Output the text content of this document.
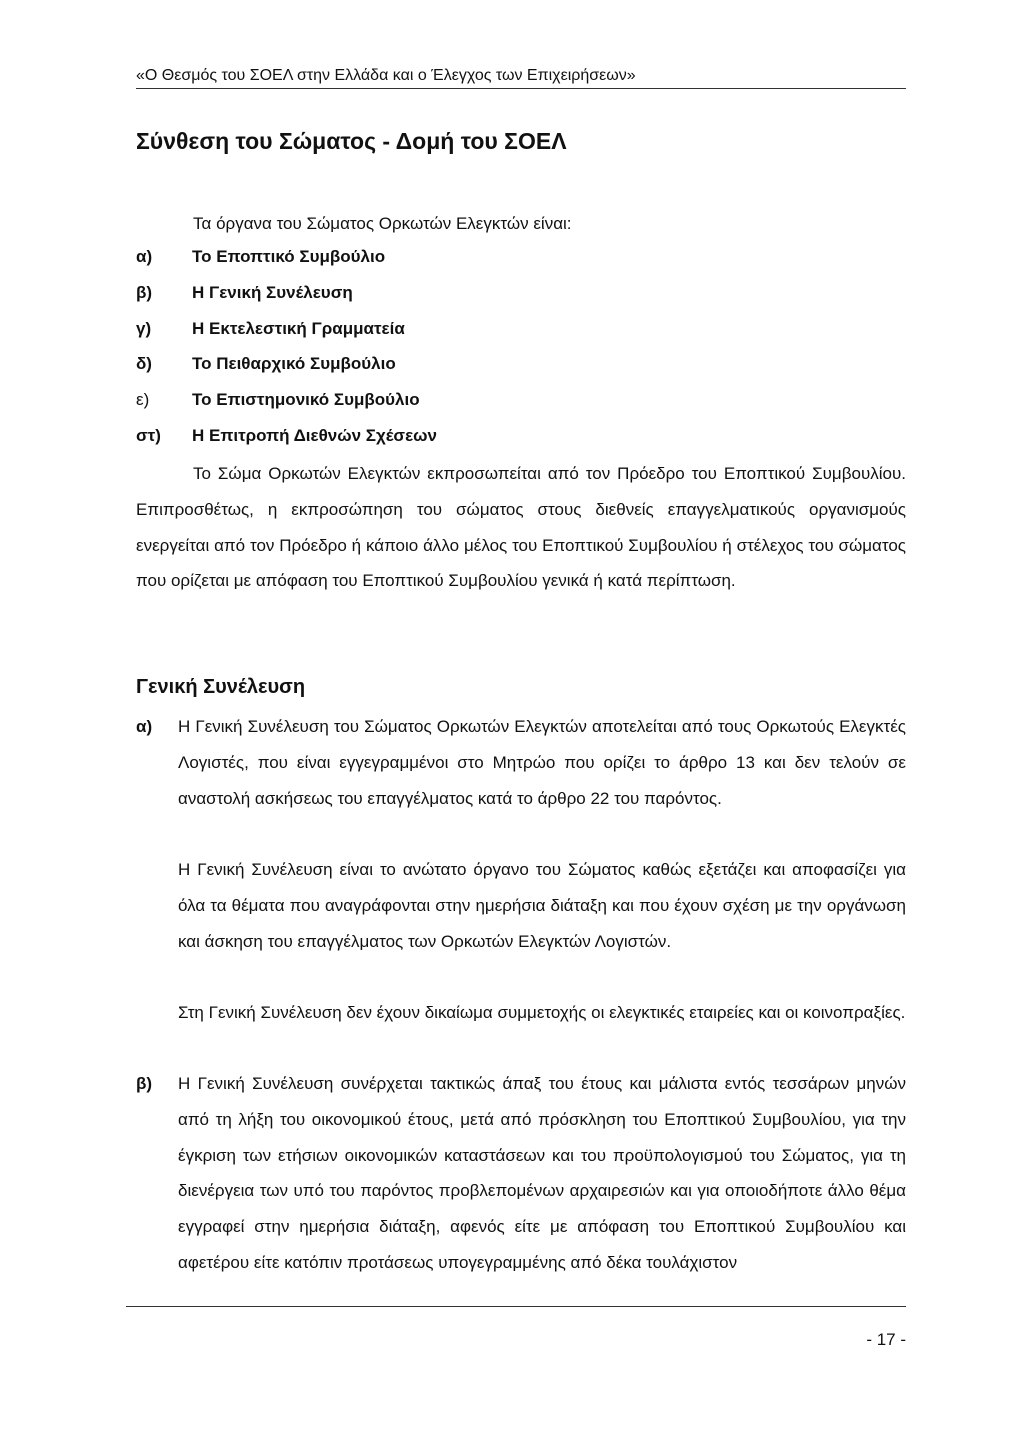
«Ο Θεσμός του ΣΟΕΛ στην Ελλάδα και ο Έλεγχος των Επιχειρήσεων»
Σύνθεση του Σώματος - Δομή του ΣΟΕΛ
Τα όργανα του Σώματος Ορκωτών Ελεγκτών είναι:
α)	Το Εποπτικό Συμβούλιο
β)	Η Γενική Συνέλευση
γ)	Η Εκτελεστική Γραμματεία
δ)	Το Πειθαρχικό Συμβούλιο
ε)	Το Επιστημονικό Συμβούλιο
στ)	Η Επιτροπή Διεθνών Σχέσεων

Το Σώμα Ορκωτών Ελεγκτών εκπροσωπείται από τον Πρόεδρο του Εποπτικού Συμβουλίου. Επιπροσθέτως, η εκπροσώπηση του σώματος στους διεθνείς επαγγελματικούς οργανισμούς ενεργείται από τον Πρόεδρο ή κάποιο άλλο μέλος του Εποπτικού Συμβουλίου ή στέλεχος του σώματος που ορίζεται με απόφαση του Εποπτικού Συμβουλίου γενικά ή κατά περίπτωση.

Γενική Συνέλευση
α) Η Γενική Συνέλευση του Σώματος Ορκωτών Ελεγκτών αποτελείται από τους Ορκωτούς Ελεγκτές Λογιστές, που είναι εγγεγραμμένοι στο Μητρώο που ορίζει το άρθρο 13 και δεν τελούν σε αναστολή ασκήσεως του επαγγέλματος κατά το άρθρο 22 του παρόντος.
Η Γενική Συνέλευση είναι το ανώτατο όργανο του Σώματος καθώς εξετάζει και αποφασίζει για όλα τα θέματα που αναγράφονται στην ημερήσια διάταξη και που έχουν σχέση με την οργάνωση και άσκηση του επαγγέλματος των Ορκωτών Ελεγκτών Λογιστών.
Στη Γενική Συνέλευση δεν έχουν δικαίωμα συμμετοχής οι ελεγκτικές εταιρείες και οι κοινοπραξίες.
β) Η Γενική Συνέλευση συνέρχεται τακτικώς άπαξ του έτους και μάλιστα εντός τεσσάρων μηνών από τη λήξη του οικονομικού έτους, μετά από πρόσκληση του Εποπτικού Συμβουλίου, για την έγκριση των ετήσιων οικονομικών καταστάσεων και του προϋπολογισμού του Σώματος, για τη διενέργεια των υπό του παρόντος προβλεπομένων αρχαιρεσιών και για οποιοδήποτε άλλο θέμα εγγραφεί στην ημερήσια διάταξη, αφενός είτε με απόφαση του Εποπτικού Συμβουλίου και αφετέρου είτε κατόπιν προτάσεως υπογεγραμμένης από δέκα τουλάχιστον
- 17 -
